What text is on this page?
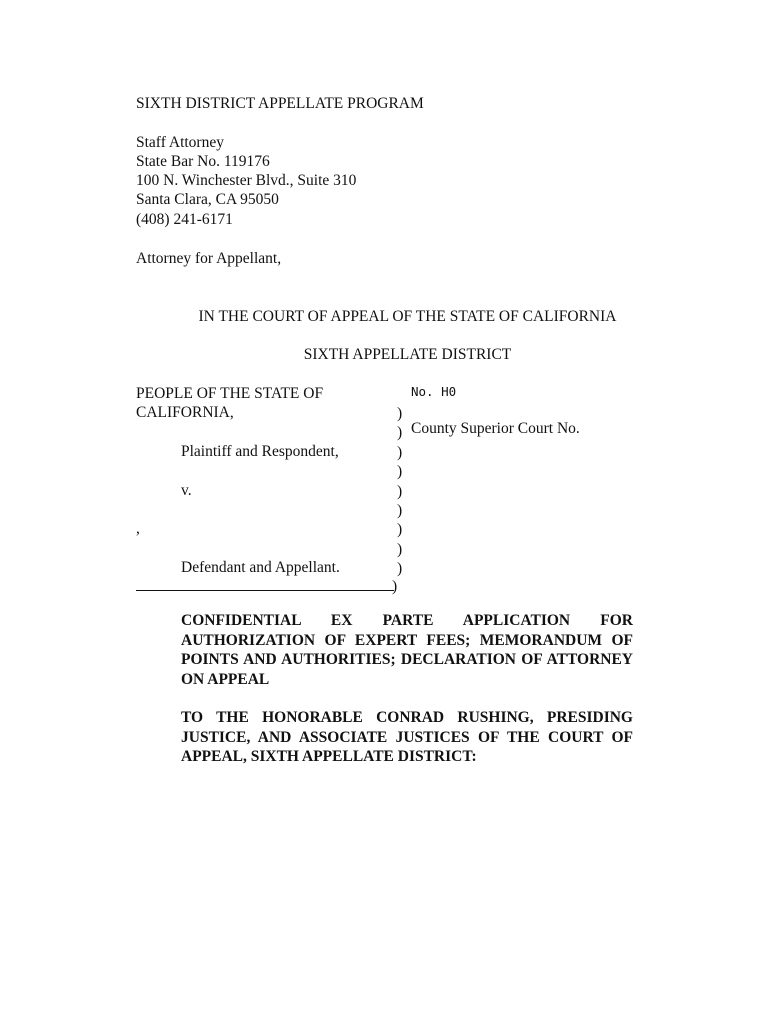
SIXTH DISTRICT APPELLATE PROGRAM
Staff Attorney
State Bar No. 119176
100 N. Winchester Blvd., Suite 310
Santa Clara, CA 95050
(408) 241-6171
Attorney for Appellant,
IN THE COURT OF APPEAL OF THE STATE OF CALIFORNIA
SIXTH APPELLATE DISTRICT
PEOPLE OF THE STATE OF
CALIFORNIA,
Plaintiff and Respondent,
v.
,
Defendant and Appellant.
)
)
)
)
)
)
)
)
)
)
No. H0
County Superior Court No.

CONFIDENTIAL EX PARTE APPLICATION FOR AUTHORIZATION OF EXPERT FEES; MEMORANDUM OF POINTS AND AUTHORITIES; DECLARATION OF ATTORNEY ON APPEAL

TO THE HONORABLE CONRAD RUSHING, PRESIDING JUSTICE, AND ASSOCIATE JUSTICES OF THE COURT OF APPEAL, SIXTH APPELLATE DISTRICT:
